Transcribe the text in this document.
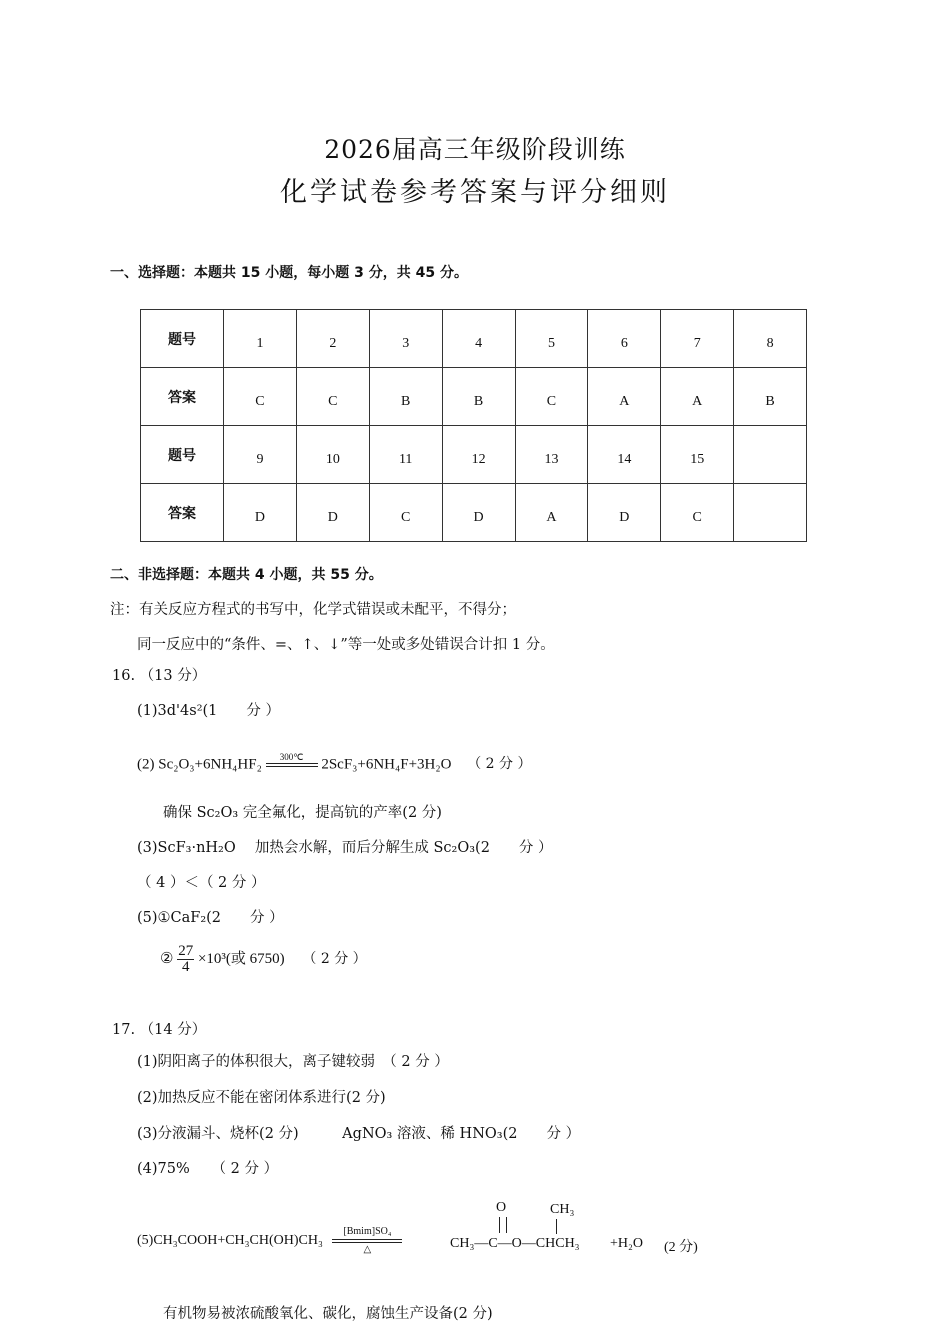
2026届高三年级阶段训练
化学试卷参考答案与评分细则
一、选择题：本题共 15 小题，每小题 3 分，共 45 分。
题号	1	2	3	4	5	6	7	8
答案	C	C	B	B	C	A	A	B
题号	9	10	11	12	13	14	15	
答案	D	D	C	D	A	D	C	
二、非选择题：本题共 4 小题，共 55 分。
注：有关反应方程式的书写中，化学式错误或未配平，不得分；
同一反应中的“条件、=、↑、↓”等一处或多处错误合计扣 1 分。
16. （13 分）
(1)3d'4s²(1　　分 ）
(2) Sc₂O₃+6NH₄HF₂	300℃
	2ScF₃+6NH₄F+3H₂O （ 2 分 ）
确保 Sc₂O₃ 完全氟化，提高钪的产率(2 分)
(3)ScF₃·nH₂O　 加热会水解，而后分解生成 Sc₂O₃(2　　分 ）
（ 4 ）＜（ 2 分 ）
(5)①CaF₂(2　　分 ）
② $\frac{27}{4} \times 10^3$(或 6750) （ 2 分 ）
17. （14 分）
(1)阴阳离子的体积很大，离子键较弱　（ 2 分 ）
(2)加热反应不能在密闭体系进行(2 分)
(3)分液漏斗、烧杯(2 分)　　　AgNO₃ 溶液、稀 HNO₃(2　　分 ）
(4)75%　　（ 2 分 ）
(5)CH₃COOH+CH₃CH(OH)CH₃
[Bmim]SO₄
△	CH₃—C—O—CHCH₃
O	CH₃
+H₂O (2 分)
有机物易被浓硫酸氧化、碳化，腐蚀生产设备(2 分)
